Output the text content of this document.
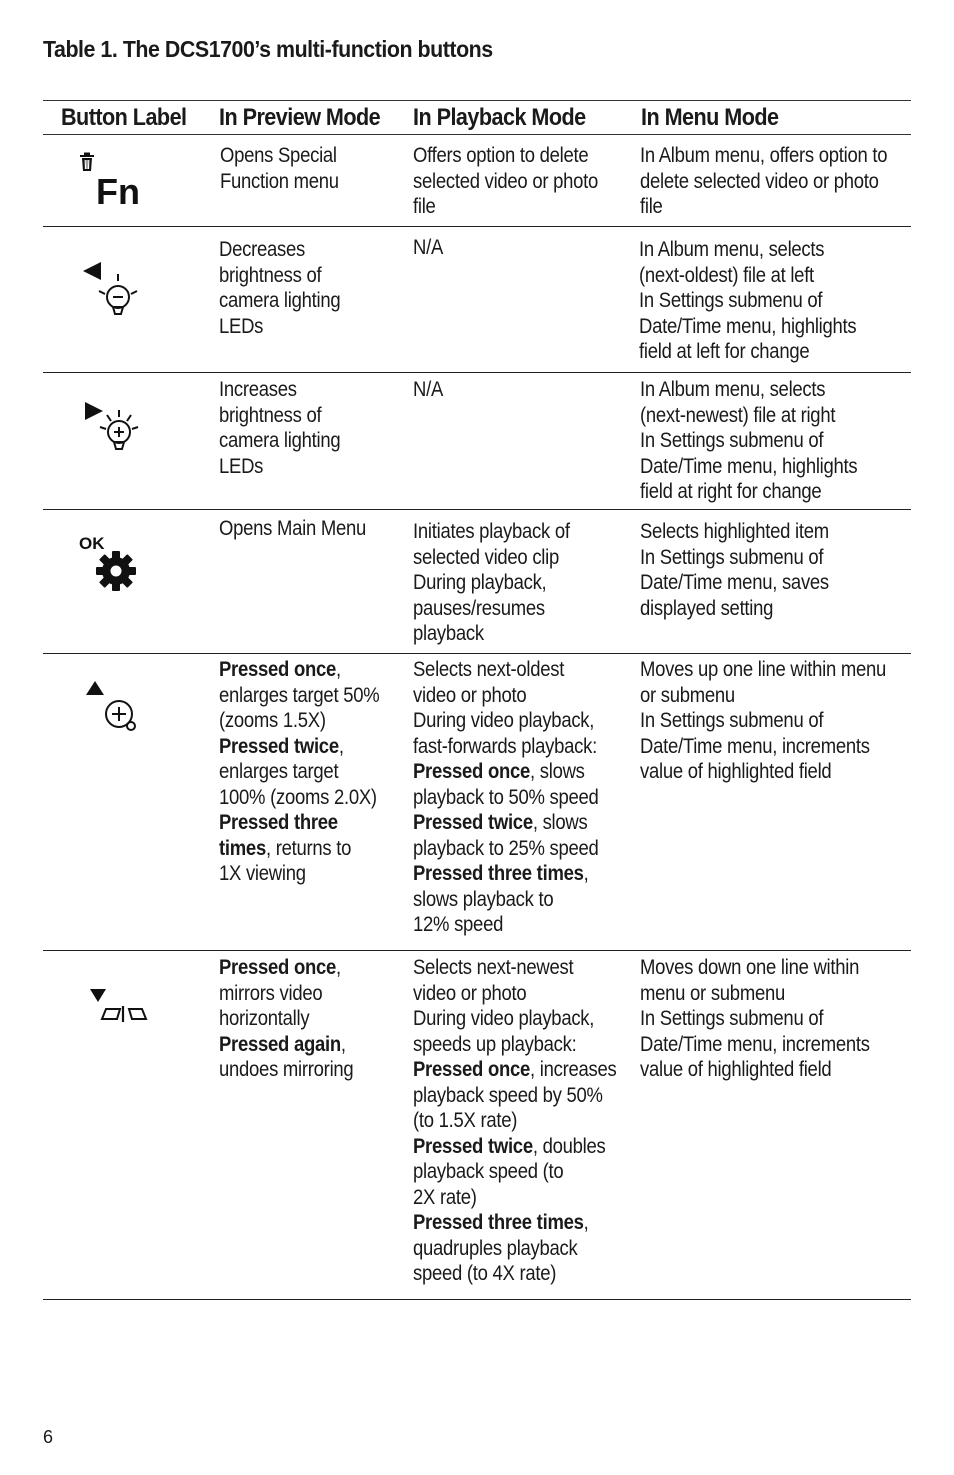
Table 1. The DCS1700’s multi-function buttons
Button Label In Preview Mode In Playback Mode In Menu Mode
Fn
Opens Special
Function menu
Offers option to delete
selected video or photo
file
In Album menu, offers option to
delete selected video or photo
file
Decreases
brightness of
camera lighting
LEDs
N/A	In Album menu, selects
(next-oldest) file at left
In Settings submenu of
Date/Time menu, highlights
field at left for change
Increases
brightness of
camera lighting
LEDs
N/A	In Album menu, selects
(next-newest) file at right
In Settings submenu of
Date/Time menu, highlights
field at right for change
OK
Opens Main Menu Initiates playback of
selected video clip
During playback,
pauses/resumes
playback
Selects highlighted item
In Settings submenu of
Date/Time menu, saves
displayed setting
Pressed once,
enlarges target 50%
(zooms 1.5X)
Pressed twice,
enlarges target
100% (zooms 2.0X)
Pressed three
times, returns to
1X viewing
Selects next-oldest
video or photo
During video playback,
fast-forwards playback:
Pressed once, slows
playback to 50% speed
Pressed twice, slows
playback to 25% speed
Pressed three times,
slows playback to
12% speed
Moves up one line within menu
or submenu
In Settings submenu of
Date/Time menu, increments
value of highlighted field
Pressed once,
mirrors video
horizontally
Pressed again,
undoes mirroring
Selects next-newest
video or photo
During video playback,
speeds up playback:
Pressed once, increases
playback speed by 50%
(to 1.5X rate)
Pressed twice, doubles
playback speed (to
2X rate)
Pressed three times,
quadruples playback
speed (to 4X rate)
Moves down one line within
menu or submenu
In Settings submenu of
Date/Time menu, increments
value of highlighted field
6
